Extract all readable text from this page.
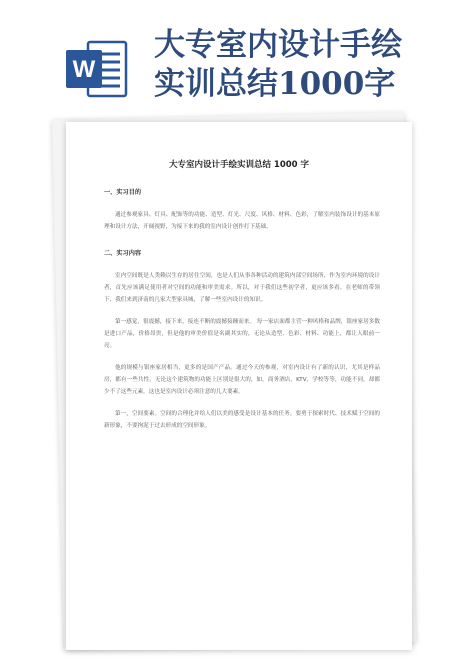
W
大专室内设计手绘
实训总结1000字
大专室内设计手绘实训总结 1000 字
一、实习目的
通过参观家具、灯具、配饰等的功能、造型、灯光、尺度、风格、材料、色彩，了解室内装饰设计的基本原理和设计方法，开阔视野，为接下来的我的室内设计创作打下基础。
二、实习内容
室内空间既是人类赖以生存的居住空间，也是人们从事各种活动的建筑内部空间场所，作为室内环境的设计者，首先应该满足使用者对空间的功能和审美需求。所以，对于我们这些初学者，更应该多看。在老师的带领下，我们来到济南的几家大型家具城，了解一些室内设计的知识。
第一感觉，很震撼，接下来，接连不断的震撼接踵而来。 每一家店面都主营一种风格和品牌，银座家居多数是进口产品，价格昂贵，但是他的审美价值是名副其实的，无论从造型、色彩、材料、功能上，都让人眼前一亮。
他的规模与银座家居相当，更多的是国产产品。通过今天的参观，对室内设计有了新的认识，尤其是样品房，都有一些共性，无论这个建筑物的功能上区别是很大的，如，商务酒店，KTV，学校等等，功能不同，却都少不了这些元素。这也是室内设计必须注意的几大要素。
第一，空间要素。空间的合理化并给人们以美的感受是设计基本的任务。要勇于探索时代、技术赋于空间的新形象，不要拘泥于过去形成的空间形象。
